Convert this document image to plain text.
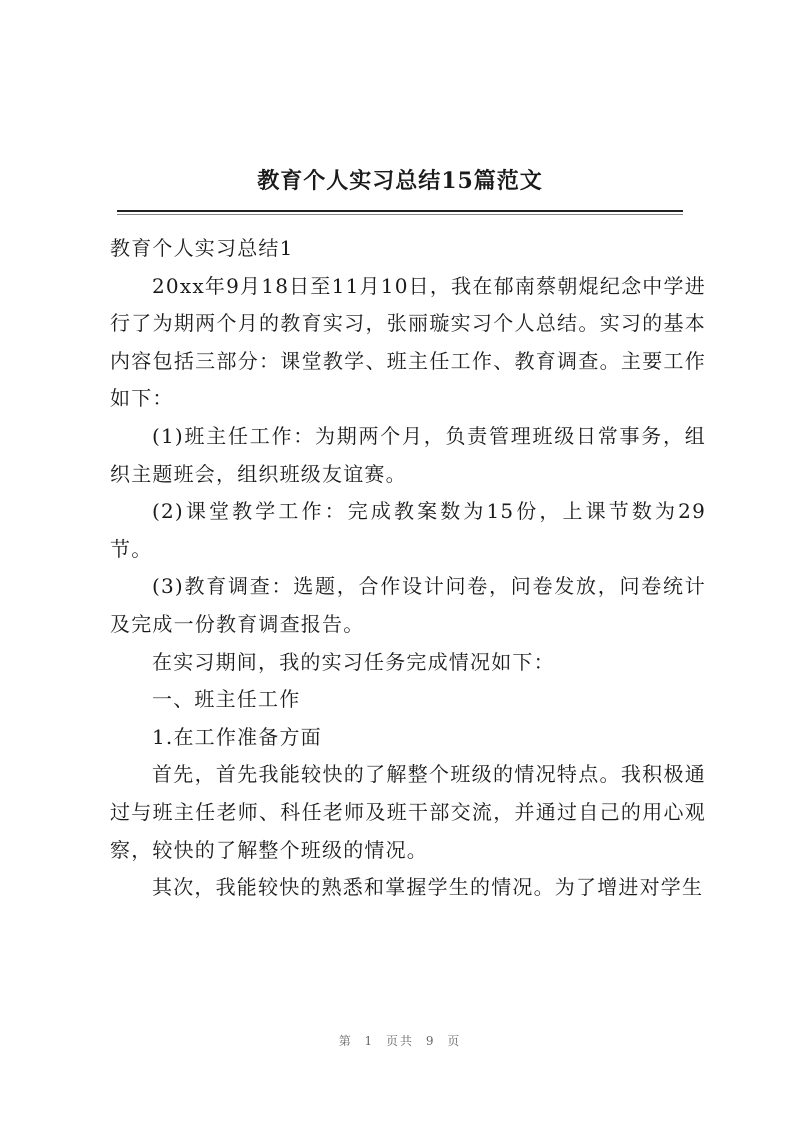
教育个人实习总结15篇范文

教育个人实习总结1

20xx年9月18日至11月10日，我在郁南蔡朝焜纪念中学进行了为期两个月的教育实习，张丽璇实习个人总结。实习的基本内容包括三部分：课堂教学、班主任工作、教育调查。主要工作如下：

(1)班主任工作：为期两个月，负责管理班级日常事务，组织主题班会，组织班级友谊赛。

(2)课堂教学工作：完成教案数为15份，上课节数为29节。

(3)教育调查：选题，合作设计问卷，问卷发放，问卷统计及完成一份教育调查报告。

在实习期间，我的实习任务完成情况如下：

一、班主任工作

1.在工作准备方面

首先，首先我能较快的了解整个班级的情况特点。我积极通过与班主任老师、科任老师及班干部交流，并通过自己的用心观察，较快的了解整个班级的情况。

其次，我能较快的熟悉和掌握学生的情况。为了增进对学生

第 1 页共 9 页
